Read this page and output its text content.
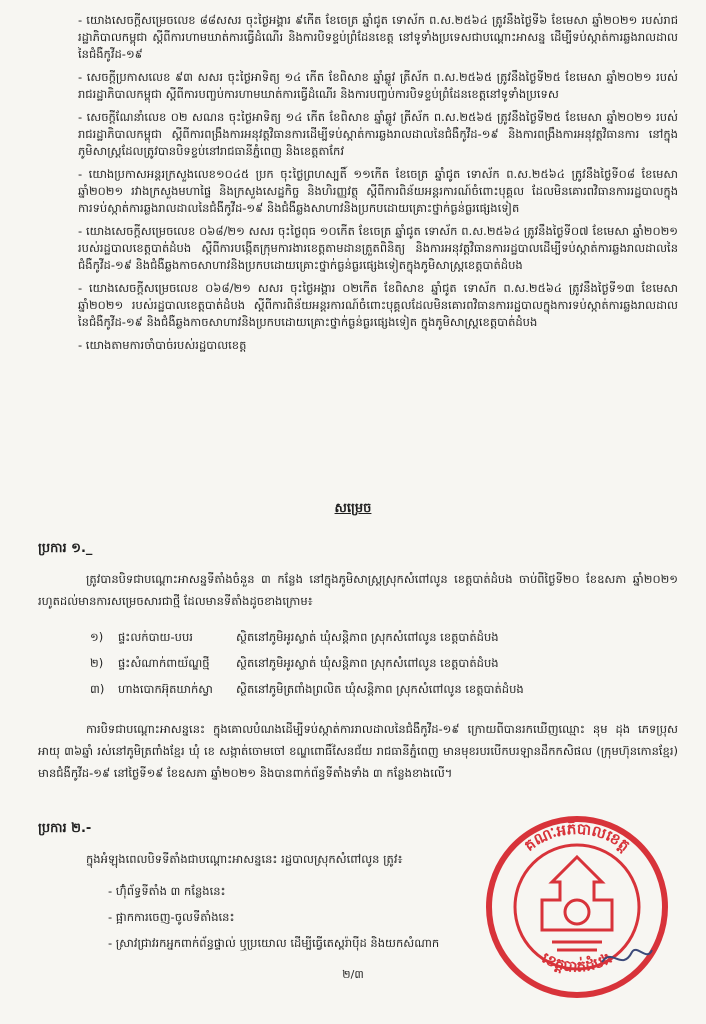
- យោងសេចក្តីសម្រេចលេខ ៨៨សសរ ចុះថ្ងៃអង្គារ ៩កើត ខែចេត្រ ឆ្នាំជូត ទោស័ក ព.ស.២៥៦៤ ត្រូវនឹងថ្ងៃទី៦ ខែមេសា ឆ្នាំ២០២១ របស់រាជរដ្ឋាភិបាលកម្ពុជា ស្តីពីការហាមឃាត់ការធ្វើដំណើរ និងការបិទខ្ទប់ព្រំដែនខេត្ត នៅទូទាំងប្រទេសជាបណ្តោះអាសន្ន ដើម្បីទប់ស្កាត់ការឆ្លងរាលដាលនៃជំងឺកូវីដ-១៩
- សេចក្តីប្រកាសលេខ ៩៣ សសរ ចុះថ្ងៃអាទិត្យ ១៤ កើត ខែពិសាខ ឆ្នាំឆ្លូវ ត្រីស័ក ព.ស.២៥៦៥ ត្រូវនឹងថ្ងៃទី២៥ ខែមេសា ឆ្នាំ២០២១ របស់រាជរដ្ឋាភិបាលកម្ពុជា ស្តីពីការបញ្ចប់ការហាមឃាត់ការធ្វើដំណើរ និងការបញ្ចប់ការបិទខ្ទប់ព្រំដែនខេត្តនៅទូទាំងប្រទេស
- សេចក្តីណែនាំលេខ ០២ សណន ចុះថ្ងៃអាទិត្យ ១៤ កើត ខែពិសាខ ឆ្នាំឆ្លូវ ត្រីស័ក ព.ស.២៥៦៥ ត្រូវនឹងថ្ងៃទី២៥ ខែមេសា ឆ្នាំ២០២១ របស់រាជរដ្ឋាភិបាលកម្ពុជា ស្តីពីការពង្រឹងការអនុវត្តវិធានការដើម្បីទប់ស្កាត់ការឆ្លងរាលដាលនៃជំងឺកូវីដ-១៩ និងការពង្រឹងការអនុវត្តវិធានការ នៅក្នុងភូមិសាស្ត្រដែលត្រូវបានបិទខ្ទប់នៅរាជធានីភ្នំពេញ និងខេត្តតាកែវ
- យោងប្រកាសអន្តរក្រសួងលេខ១០៤៥ ប្រក ចុះថ្ងៃព្រហស្បតិ៍ ១១កើត ខែចេត្រ ឆ្នាំជូត ទោស័ក ព.ស.២៥៦៤ ត្រូវនឹងថ្ងៃទី០៨ ខែមេសា ឆ្នាំ២០២១ រវាងក្រសួងមហាផ្ទៃ និងក្រសួងសេដ្ឋកិច្ច និងហិរញ្ញវត្ថុ ស្តីពីការពិន័យអន្តរការណ៍ចំពោះបុគ្គល ដែលមិនគោរពវិធានការរដ្ឋបាលក្នុងការទប់ស្កាត់ការឆ្លងរាលដាលនៃជំងឺកូវីដ-១៩ និងជំងឺឆ្លងសាហាវនិងប្រកបដោយគ្រោះថ្នាក់ធ្ងន់ធ្ងរផ្សេងទៀត
- យោងសេចក្តីសម្រេចលេខ ០៦៨/២១ សសរ ចុះថ្ងៃពុធ ១០កើត ខែចេត្រ ឆ្នាំជូត ទោស័ក ព.ស.២៥៦៤ ត្រូវនឹងថ្ងៃទី០៧ ខែមេសា ឆ្នាំ២០២១ របស់រដ្ឋបាលខេត្តបាត់ដំបង ស្តីពីការបង្កើតក្រុមការងារខេត្តតាមដានត្រួតពិនិត្យ និងការអនុវត្តវិធានការរដ្ឋបាលដើម្បីទប់ស្កាត់ការឆ្លងរាលដាលនៃជំងឺកូវីដ-១៩ និងជំងឺឆ្លងកាចសាហាវនិងប្រកបដោយគ្រោះថ្នាក់ធ្ងន់ធ្ងរផ្សេងទៀតក្នុងភូមិសាស្ត្រខេត្តបាត់ដំបង
- យោងសេចក្តីសម្រេចលេខ ០៦៨/២១ សសរ ចុះថ្ងៃអង្គារ ០២កើត ខែពិសាខ ឆ្នាំជូត ទោស័ក ព.ស.២៥៦៤ ត្រូវនឹងថ្ងៃទី១៣ ខែមេសា ឆ្នាំ២០២១ របស់រដ្ឋបាលខេត្តបាត់ដំបង ស្តីពីការពិន័យអន្តរការណ៍ចំពោះបុគ្គលដែលមិនគោរពវិធានការរដ្ឋបាលក្នុងការទប់ស្កាត់ការឆ្លងរាលដាលនៃជំងឺកូវីដ-១៩ និងជំងឺឆ្លងកាចសាហាវនិងប្រកបដោយគ្រោះថ្នាក់ធ្ងន់ធ្ងរផ្សេងទៀត ក្នុងភូមិសាស្ត្រខេត្តបាត់ដំបង
- យោងតាមការចាំបាច់របស់រដ្ឋបាលខេត្ត
សម្រេច
ប្រការ ១._
ត្រូវបានបិទជាបណ្តោះអាសន្នទីតាំងចំនួន ៣ កន្លែង នៅក្នុងភូមិសាស្ត្រស្រុកសំពៅលូន ខេត្តបាត់ដំបង ចាប់ពីថ្ងៃទី២០ ខែឧសភា ឆ្នាំ២០២១ រហូតដល់មានការសម្រេចសារជាថ្មី ដែលមានទីតាំងដូចខាងក្រោម៖
១)	ផ្ទះលក់បាយ-បបរ	ស្ថិតនៅភូមិអូរស្លាត់ ឃុំសន្តិភាព ស្រុកសំពៅលូន ខេត្តបាត់ដំបង
២)	ផ្ទះសំណាក់ពាយ័ណ្ឌថ្មី	ស្ថិតនៅភូមិអូរស្លាត់ ឃុំសន្តិភាព ស្រុកសំពៅលូន ខេត្តបាត់ដំបង
៣)	ហាងបោកអ៊ុតឃាក់ស្វា	ស្ថិតនៅភូមិត្រពាំងព្រលិត ឃុំសន្តិភាព ស្រុកសំពៅលូន ខេត្តបាត់ដំបង
ការបិទជាបណ្តោះអាសន្ននេះ ក្នុងគោលបំណងដើម្បីទប់ស្កាត់ការរាលដាលនៃជំងឺកូវីដ-១៩ ក្រោយពីបានរកឃើញឈ្មោះ នុម ដុង ភេទប្រុស អាយុ ៣៦ឆ្នាំ រស់នៅភូមិត្រពាំងខ្មែរ ឃុំ ខេ សង្កាត់ចោមចៅ ខណ្ឌពោធិ៍សែនជ័យ រាជធានីភ្នំពេញ មានមុខរបរបើកបរឡានដឹកកសិផល (ក្រុមហ៊ុនកោនខ្មែរ) មានជំងឺកូវីដ-១៩ នៅថ្ងៃទី១៩ ខែឧសភា ឆ្នាំ២០២១ និងបានពាក់ព័ន្ធទីតាំងទាំង ៣ កន្លែងខាងលើ។
ប្រការ ២.-
ក្នុងអំឡុងពេលបិទទីតាំងជាបណ្តោះអាសន្ននេះ រដ្ឋបាលស្រុកសំពៅលូន ត្រូវ៖
- ហ៊ុំព័ទ្ធទីតាំង ៣ កន្លែងនេះ
- ផ្អាកការចេញ-ចូលទីតាំងនេះ
- ស្រាវជ្រាវរកអ្នកពាក់ព័ន្ធផ្ទាល់ ឬប្រយោល ដើម្បីធ្វើតេស្តរ៉ាប៉ីដ និងយកសំណាក
គណៈអភិបាលខេត្ត
ខេត្តបាត់ដំបង
២/៣
